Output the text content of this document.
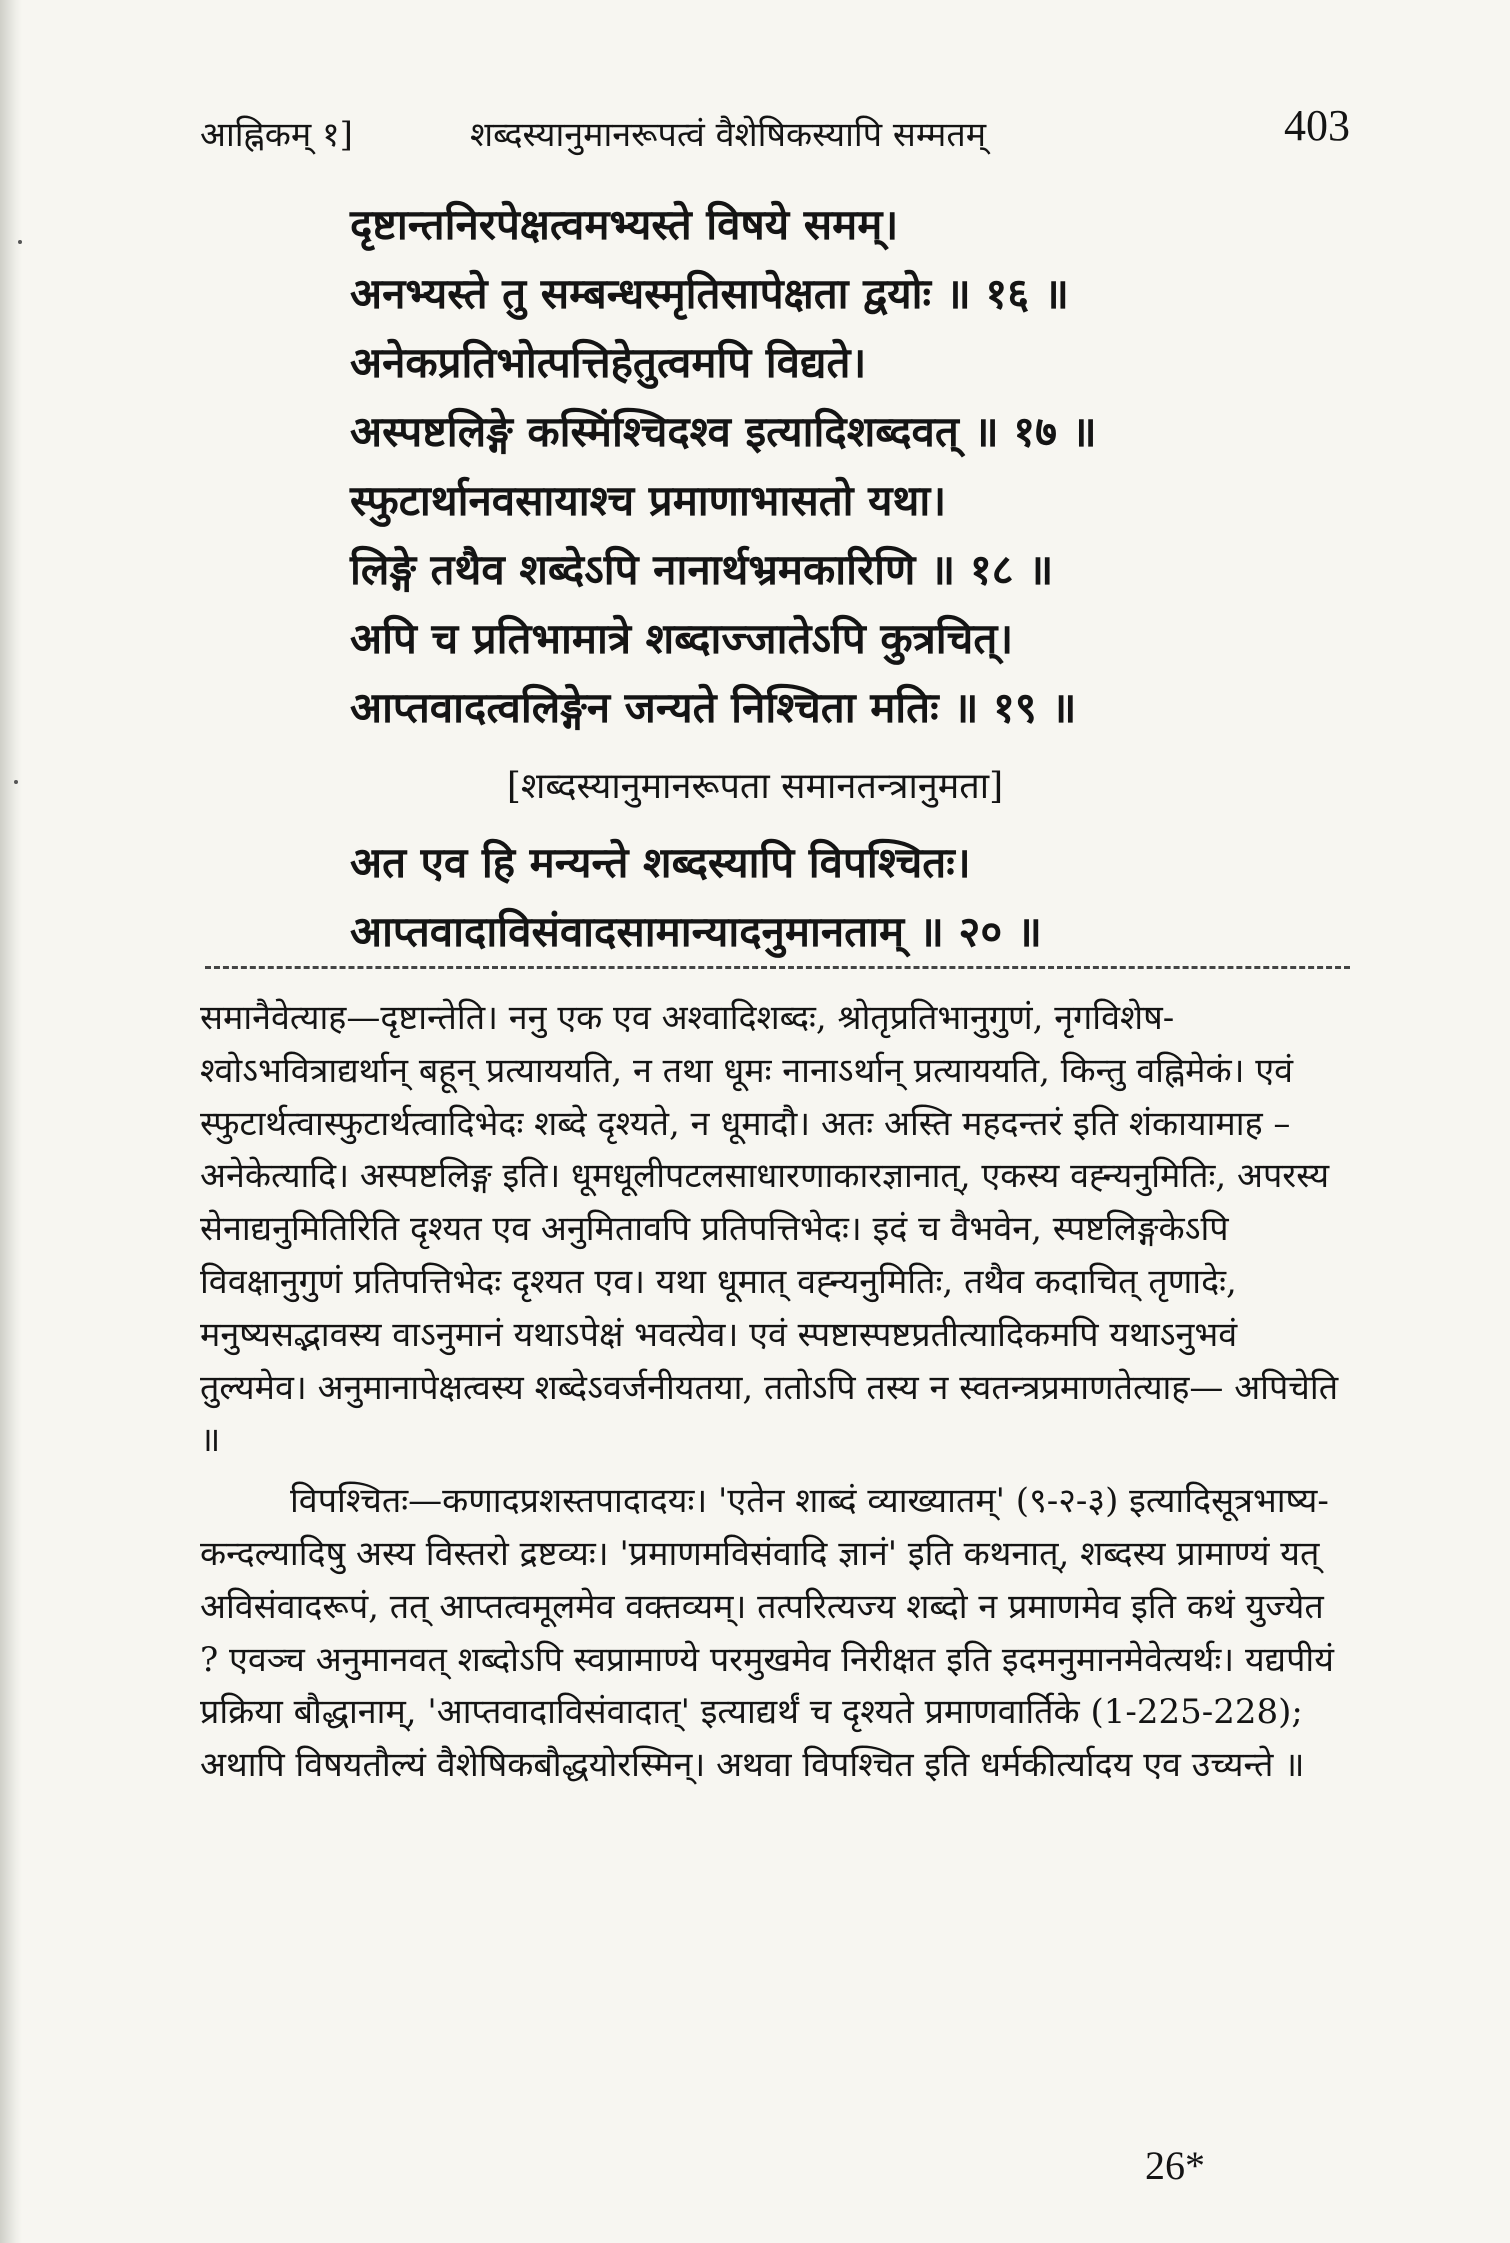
आह्निकम् १]	शब्दस्यानुमानरूपत्वं वैशेषिकस्यापि सम्मतम्	403
दृष्टान्तनिरपेक्षत्वमभ्यस्ते विषये समम्।
अनभ्यस्ते तु सम्बन्धस्मृतिसापेक्षता द्वयोः ॥ १६ ॥
अनेकप्रतिभोत्पत्तिहेतुत्वमपि विद्यते।
अस्पष्टलिङ्गे कस्मिंश्चिदश्व इत्यादिशब्दवत् ॥ १७ ॥
स्फुटार्थानवसायाश्च प्रमाणाभासतो यथा।
लिङ्गे तथैव शब्देऽपि नानार्थभ्रमकारिणि ॥ १८ ॥
अपि च प्रतिभामात्रे शब्दाज्जातेऽपि कुत्रचित्।
आप्तवादत्वलिङ्गेन जन्यते निश्चिता मतिः ॥ १९ ॥
[शब्दस्यानुमानरूपता समानतन्त्रानुमता]
अत एव हि मन्यन्ते शब्दस्यापि विपश्चितः।
आप्तवादाविसंवादसामान्यादनुमानताम् ॥ २० ॥

समानैवेत्याह—दृष्टान्तेति। ननु एक एव अश्वादिशब्दः, श्रोतृप्रतिभानुगुणं, नृगविशेष-श्वोऽभवित्राद्यर्थान् बहून् प्रत्याययति, न तथा धूमः नानाऽर्थान् प्रत्याययति, किन्तु वह्निमेकं। एवं स्फुटार्थत्वास्फुटार्थत्वादिभेदः शब्दे दृश्यते, न धूमादौ। अतः अस्ति महदन्तरं इति शंकायामाह – अनेकेत्यादि। अस्पष्टलिङ्ग इति। धूमधूलीपटलसाधारणाकारज्ञानात्, एकस्य वह्न्यनुमितिः, अपरस्य सेनाद्यनुमितिरिति दृश्यत एव अनुमितावपि प्रतिपत्तिभेदः। इदं च वैभवेन, स्पष्टलिङ्गकेऽपि विवक्षानुगुणं प्रतिपत्तिभेदः दृश्यत एव। यथा धूमात् वह्न्यनुमितिः, तथैव कदाचित् तृणादेः, मनुष्यसद्भावस्य वाऽनुमानं यथाऽपेक्षं भवत्येव। एवं स्पष्टास्पष्टप्रतीत्यादिकमपि यथाऽनुभवं तुल्यमेव। अनुमानापेक्षत्वस्य शब्देऽवर्जनीयतया, ततोऽपि तस्य न स्वतन्त्रप्रमाणतेत्याह— अपिचेति ॥

विपश्चितः—कणादप्रशस्तपादादयः। 'एतेन शाब्दं व्याख्यातम्' (९-२-३) इत्यादिसूत्रभाष्य-कन्दल्यादिषु अस्य विस्तरो द्रष्टव्यः। 'प्रमाणमविसंवादि ज्ञानं' इति कथनात्, शब्दस्य प्रामाण्यं यत् अविसंवादरूपं, तत् आप्तत्वमूलमेव वक्तव्यम्। तत्परित्यज्य शब्दो न प्रमाणमेव इति कथं युज्येत ? एवञ्च अनुमानवत् शब्दोऽपि स्वप्रामाण्ये परमुखमेव निरीक्षत इति इदमनुमानमेवेत्यर्थः। यद्यपीयं प्रक्रिया बौद्धानाम्, 'आप्तवादाविसंवादात्' इत्याद्यर्थं च दृश्यते प्रमाणवार्तिके (1-225-228); अथापि विषयतौल्यं वैशेषिकबौद्धयोरस्मिन्। अथवा विपश्चित इति धर्मकीर्त्यादय एव उच्यन्ते ॥

26*
